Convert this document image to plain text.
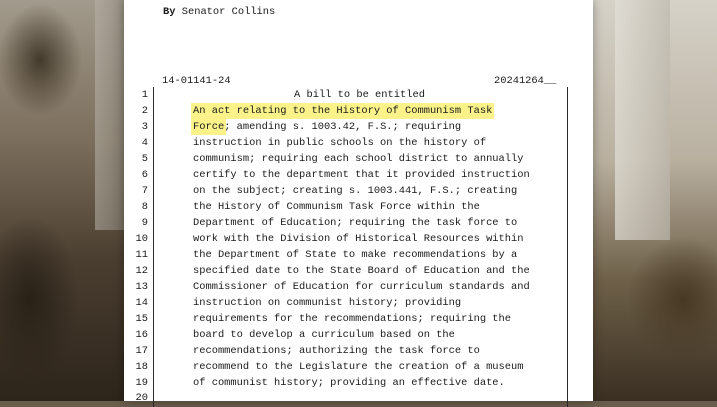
By Senator Collins
14-01141-24	20241264__
1
2
3
4
5
6
7
8
9
10
11
12
13
14
15
16
17
18
19
20
A bill to be entitled
An act relating to the History of Communism Task
Force; amending s. 1003.42, F.S.; requiring
instruction in public schools on the history of
communism; requiring each school district to annually
certify to the department that it provided instruction
on the subject; creating s. 1003.441, F.S.; creating
the History of Communism Task Force within the
Department of Education; requiring the task force to
work with the Division of Historical Resources within
the Department of State to make recommendations by a
specified date to the State Board of Education and the
Commissioner of Education for curriculum standards and
instruction on communist history; providing
requirements for the recommendations; requiring the
board to develop a curriculum based on the
recommendations; authorizing the task force to
recommend to the Legislature the creation of a museum
of communist history; providing an effective date.
